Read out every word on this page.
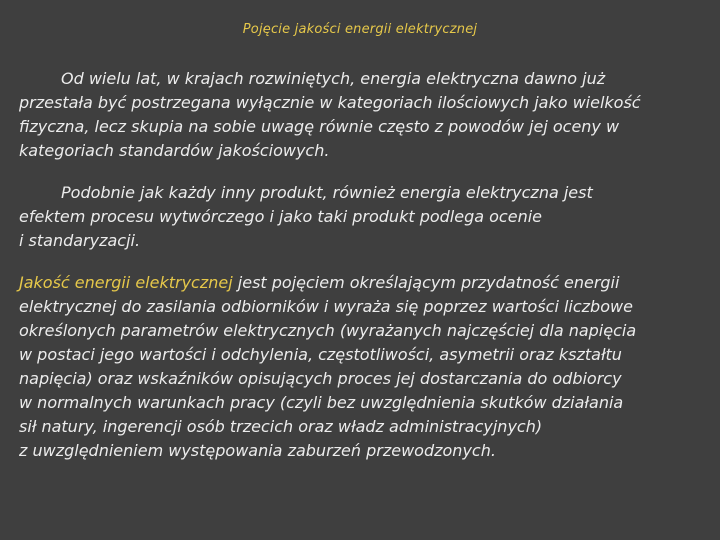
Pojęcie jakości energii elektrycznej

Od wielu lat, w krajach rozwiniętych, energia elektryczna dawno już
przestała być postrzegana wyłącznie w kategoriach ilościowych jako wielkość
fizyczna, lecz skupia na sobie uwagę równie często z powodów jej oceny w
kategoriach standardów jakościowych.

Podobnie jak każdy inny produkt, również energia elektryczna jest
efektem procesu wytwórczego i jako taki produkt podlega ocenie
i standaryzacji.

Jakość energii elektrycznej jest pojęciem określającym przydatność energii
elektrycznej do zasilania odbiorników i wyraża się poprzez wartości liczbowe
określonych parametrów elektrycznych (wyrażanych najczęściej dla napięcia
w postaci jego wartości i odchylenia, częstotliwości, asymetrii oraz kształtu
napięcia) oraz wskaźników opisujących proces jej dostarczania do odbiorcy
w normalnych warunkach pracy (czyli bez uwzględnienia skutków działania
sił natury, ingerencji osób trzecich oraz władz administracyjnych)
z uwzględnieniem występowania zaburzeń przewodzonych.
